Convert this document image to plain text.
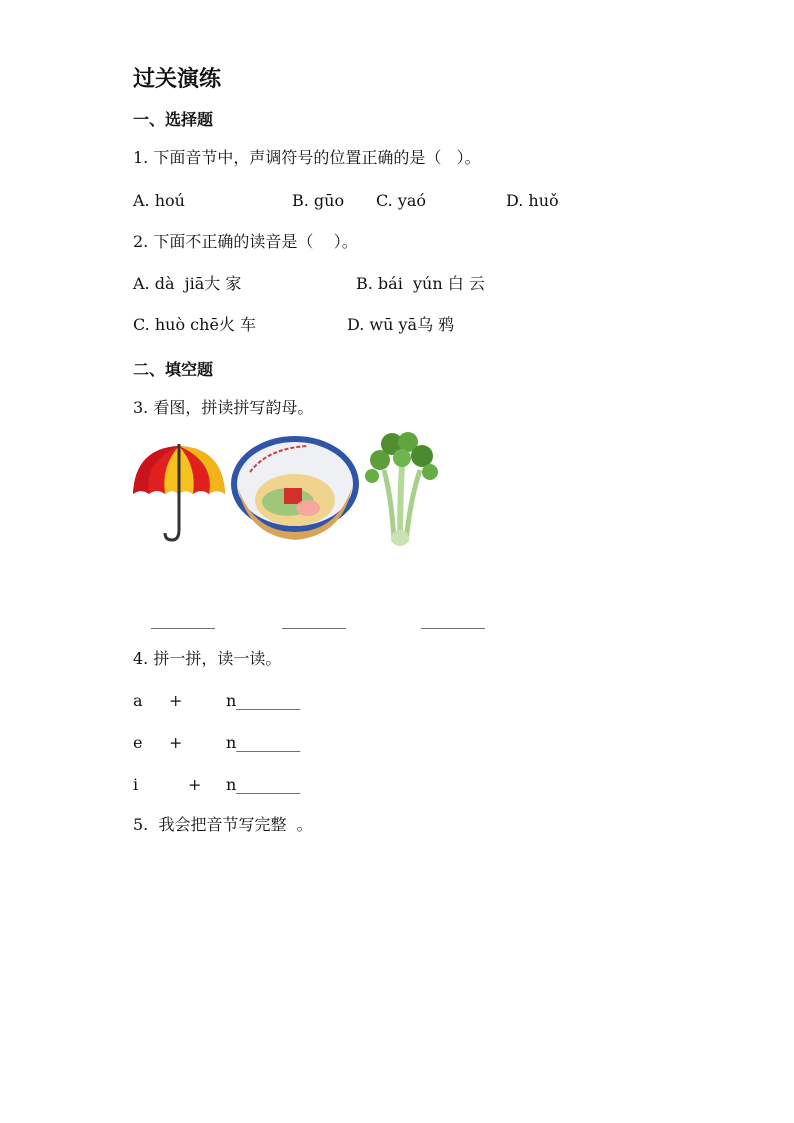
过关演练
一、选择题
1. 下面音节中，声调符号的位置正确的是（   ）。
A. hoú	B. gūo C. yaó	D. huǒ
2. 下面不正确的读音是（    ）。
A. dà  jiā大 家	B. bái  yún 白 云
C. huò chē火 车	D. wū yā乌 鸦
二、填空题
3. 看图，拼读拼写韵母。
________	________	________
4. 拼一拼，读一读。
a +	n________
e +	n________
i	+ n________
5.  我会把音节写完整  。
